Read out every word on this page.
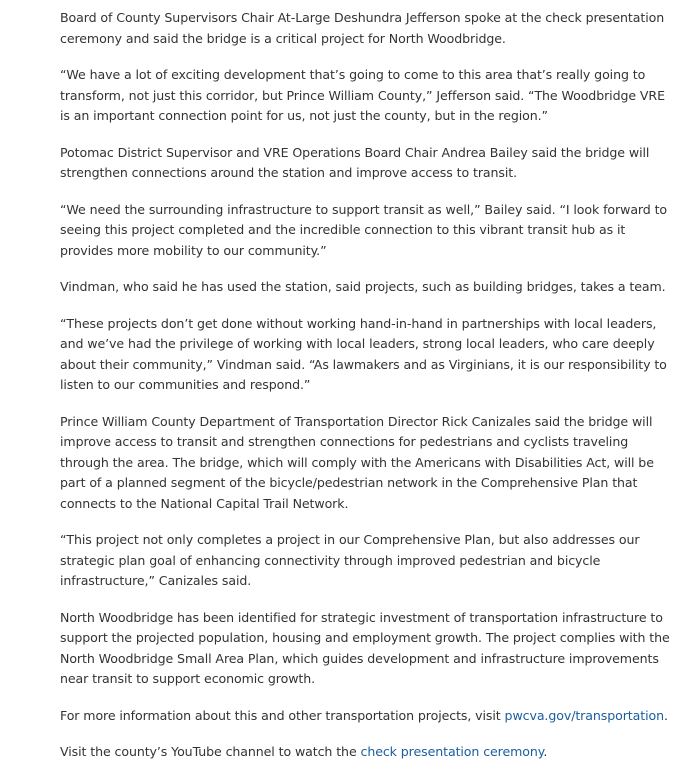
Board of County Supervisors Chair At-Large Deshundra Jefferson spoke at the check presentation ceremony and said the bridge is a critical project for North Woodbridge.

“We have a lot of exciting development that’s going to come to this area that’s really going to transform, not just this corridor, but Prince William County,” Jefferson said. “The Woodbridge VRE is an important connection point for us, not just the county, but in the region.”

Potomac District Supervisor and VRE Operations Board Chair Andrea Bailey said the bridge will strengthen connections around the station and improve access to transit.

“We need the surrounding infrastructure to support transit as well,” Bailey said. “I look forward to seeing this project completed and the incredible connection to this vibrant transit hub as it provides more mobility to our community.”

Vindman, who said he has used the station, said projects, such as building bridges, takes a team.

“These projects don’t get done without working hand-in-hand in partnerships with local leaders, and we’ve had the privilege of working with local leaders, strong local leaders, who care deeply about their community,” Vindman said. “As lawmakers and as Virginians, it is our responsibility to listen to our communities and respond.”

Prince William County Department of Transportation Director Rick Canizales said the bridge will improve access to transit and strengthen connections for pedestrians and cyclists traveling through the area. The bridge, which will comply with the Americans with Disabilities Act, will be part of a planned segment of the bicycle/pedestrian network in the Comprehensive Plan that connects to the National Capital Trail Network.

“This project not only completes a project in our Comprehensive Plan, but also addresses our strategic plan goal of enhancing connectivity through improved pedestrian and bicycle infrastructure,” Canizales said.

North Woodbridge has been identified for strategic investment of transportation infrastructure to support the projected population, housing and employment growth. The project complies with the North Woodbridge Small Area Plan, which guides development and infrastructure improvements near transit to support economic growth.

For more information about this and other transportation projects, visit pwcva.gov/transportation.

Visit the county’s YouTube channel to watch the check presentation ceremony.
